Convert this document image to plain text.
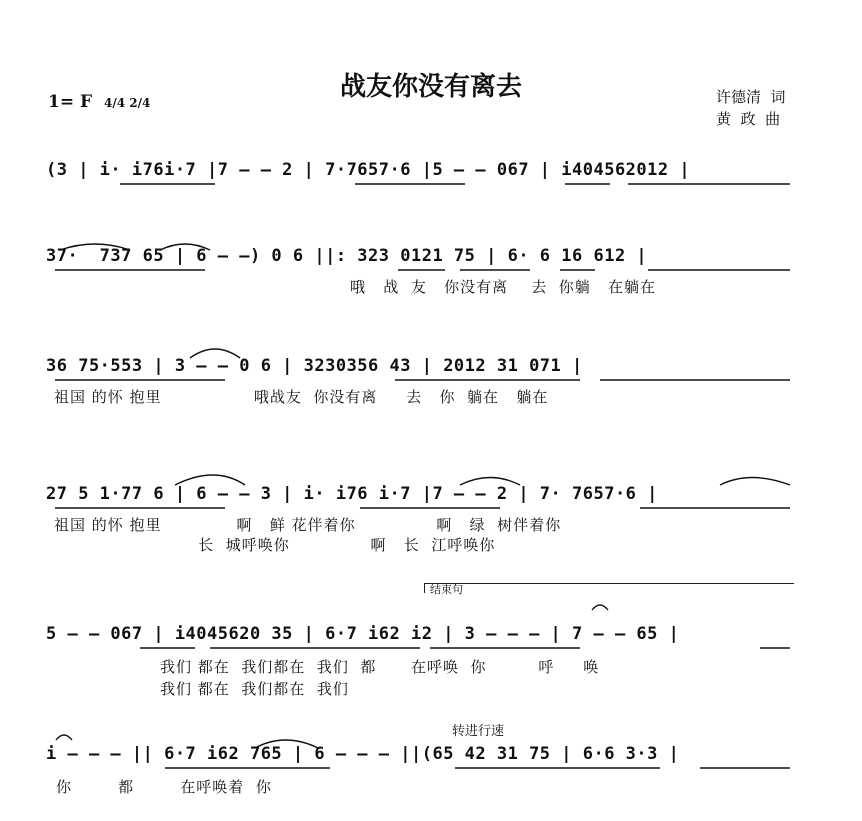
战友你没有离去
1= F 4/4 2/4	许德清  词
黄  政  曲
(3 | i· i76i·7 |7 — — 2 | 7·7657·6 |5 — — 067 | i404562012 |
37·  737 65 | 6 — —) 0 6 ||: 323 0121 75 | 6· 6 16 612 |
哦   战  友   你没有离    去  你躺   在躺在
36 75·553 | 3 — — 0 6 | 3230356 43 | 2012 31 071 |
祖国 的怀 抱里                哦战友  你没有离     去   你  躺在   躺在
27 5 1·77 6 | 6 — — 3 | i· i76 i·7 |7 — — 2 | 7· 7657·6 |
祖国 的怀 抱里             啊   鲜 花伴着你              啊   绿  树伴着你
长  城呼唤你              啊   长  江呼唤你
结束句
5 — — 067 | i4045620 35 | 6·7 i62 i2 | 3 — — — | 7 — — 65 |
我们 都在  我们都在  我们  都      在呼唤  你         呼     唤
我们 都在  我们都在  我们
转进行速
i — — — || 6·7 i62 765 | 6 — — — ||(65 42 31 75 | 6·6 3·3 |
你        都        在呼唤着  你
